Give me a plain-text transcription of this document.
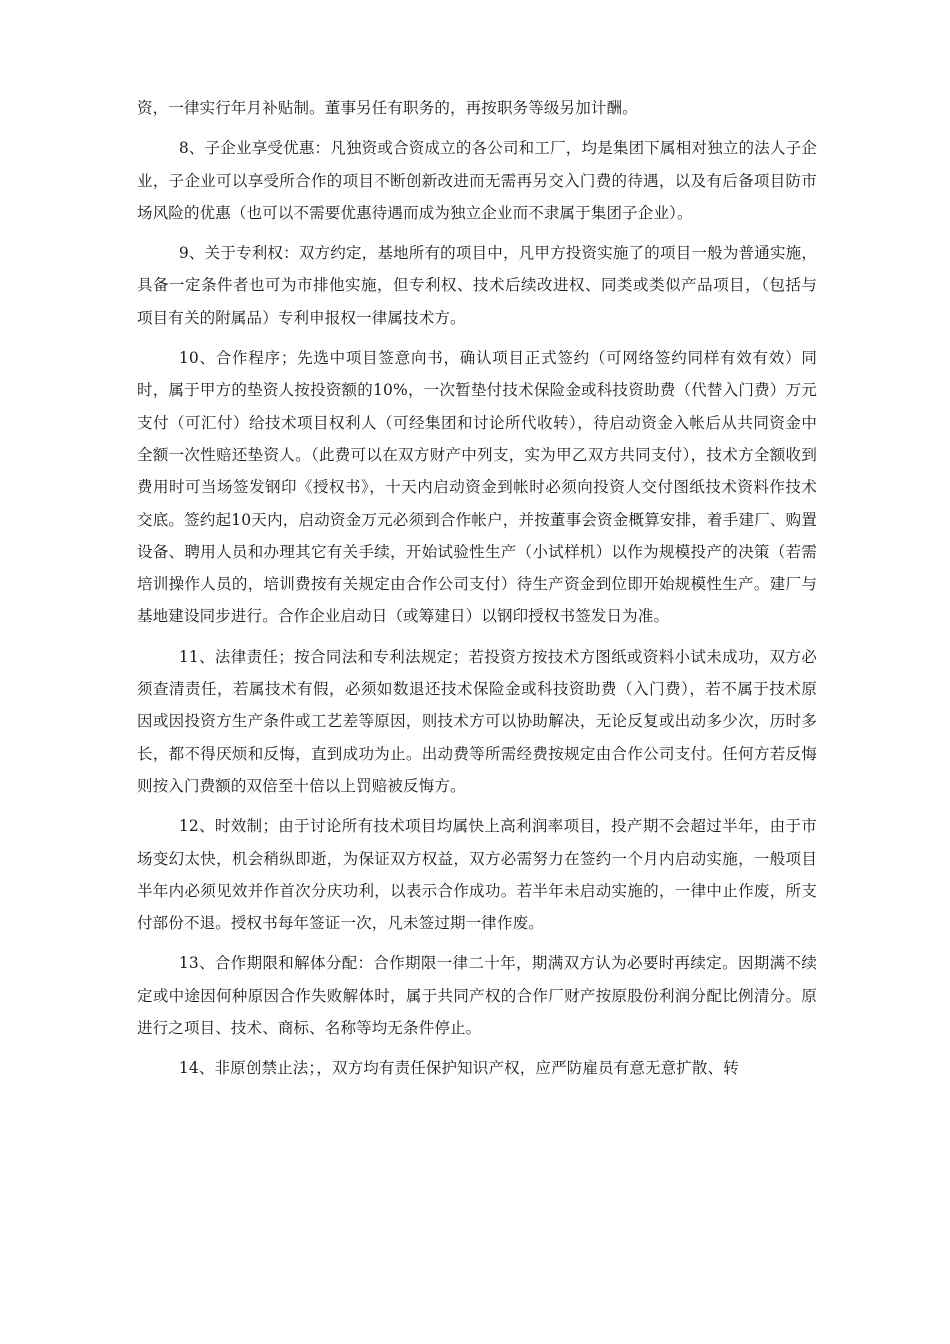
资，一律实行年月补贴制。董事另任有职务的，再按职务等级另加计酬。

8、子企业享受优惠：凡独资或合资成立的各公司和工厂，均是集团下属相对独立的法人子企业，子企业可以享受所合作的项目不断创新改进而无需再另交入门费的待遇，以及有后备项目防市场风险的优惠（也可以不需要优惠待遇而成为独立企业而不隶属于集团子企业）。

9、关于专利权：双方约定，基地所有的项目中，凡甲方投资实施了的项目一般为普通实施，具备一定条件者也可为市排他实施，但专利权、技术后续改进权、同类或类似产品项目，（包括与项目有关的附属品）专利申报权一律属技术方。

10、合作程序；先选中项目签意向书，确认项目正式签约（可网络签约同样有效有效）同时，属于甲方的垫资人按投资额的10%，一次暂垫付技术保险金或科技资助费（代替入门费）万元支付（可汇付）给技术项目权利人（可经集团和讨论所代收转），待启动资金入帐后从共同资金中全额一次性赔还垫资人。（此费可以在双方财产中列支，实为甲乙双方共同支付），技术方全额收到费用时可当场签发钢印《授权书》，十天内启动资金到帐时必须向投资人交付图纸技术资料作技术交底。签约起10天内，启动资金万元必须到合作帐户，并按董事会资金概算安排，着手建厂、购置设备、聘用人员和办理其它有关手续，开始试验性生产（小试样机）以作为规模投产的决策（若需培训操作人员的，培训费按有关规定由合作公司支付）待生产资金到位即开始规模性生产。建厂与基地建设同步进行。合作企业启动日（或筹建日）以钢印授权书签发日为准。

11、法律责任；按合同法和专利法规定；若投资方按技术方图纸或资料小试未成功，双方必须查清责任，若属技术有假，必须如数退还技术保险金或科技资助费（入门费），若不属于技术原因或因投资方生产条件或工艺差等原因，则技术方可以协助解决，无论反复或出动多少次，历时多长，都不得厌烦和反悔，直到成功为止。出动费等所需经费按规定由合作公司支付。任何方若反悔则按入门费额的双倍至十倍以上罚赔被反悔方。

12、时效制；由于讨论所有技术项目均属快上高利润率项目，投产期不会超过半年，由于市场变幻太快，机会稍纵即逝，为保证双方权益，双方必需努力在签约一个月内启动实施，一般项目半年内必须见效并作首次分庆功利，以表示合作成功。若半年未启动实施的，一律中止作废，所支付部份不退。授权书每年签证一次，凡未签过期一律作废。

13、合作期限和解体分配：合作期限一律二十年，期满双方认为必要时再续定。因期满不续定或中途因何种原因合作失败解体时，属于共同产权的合作厂财产按原股份利润分配比例清分。原进行之项目、技术、商标、名称等均无条件停止。

14、非原创禁止法；，双方均有责任保护知识产权，应严防雇员有意无意扩散、转
